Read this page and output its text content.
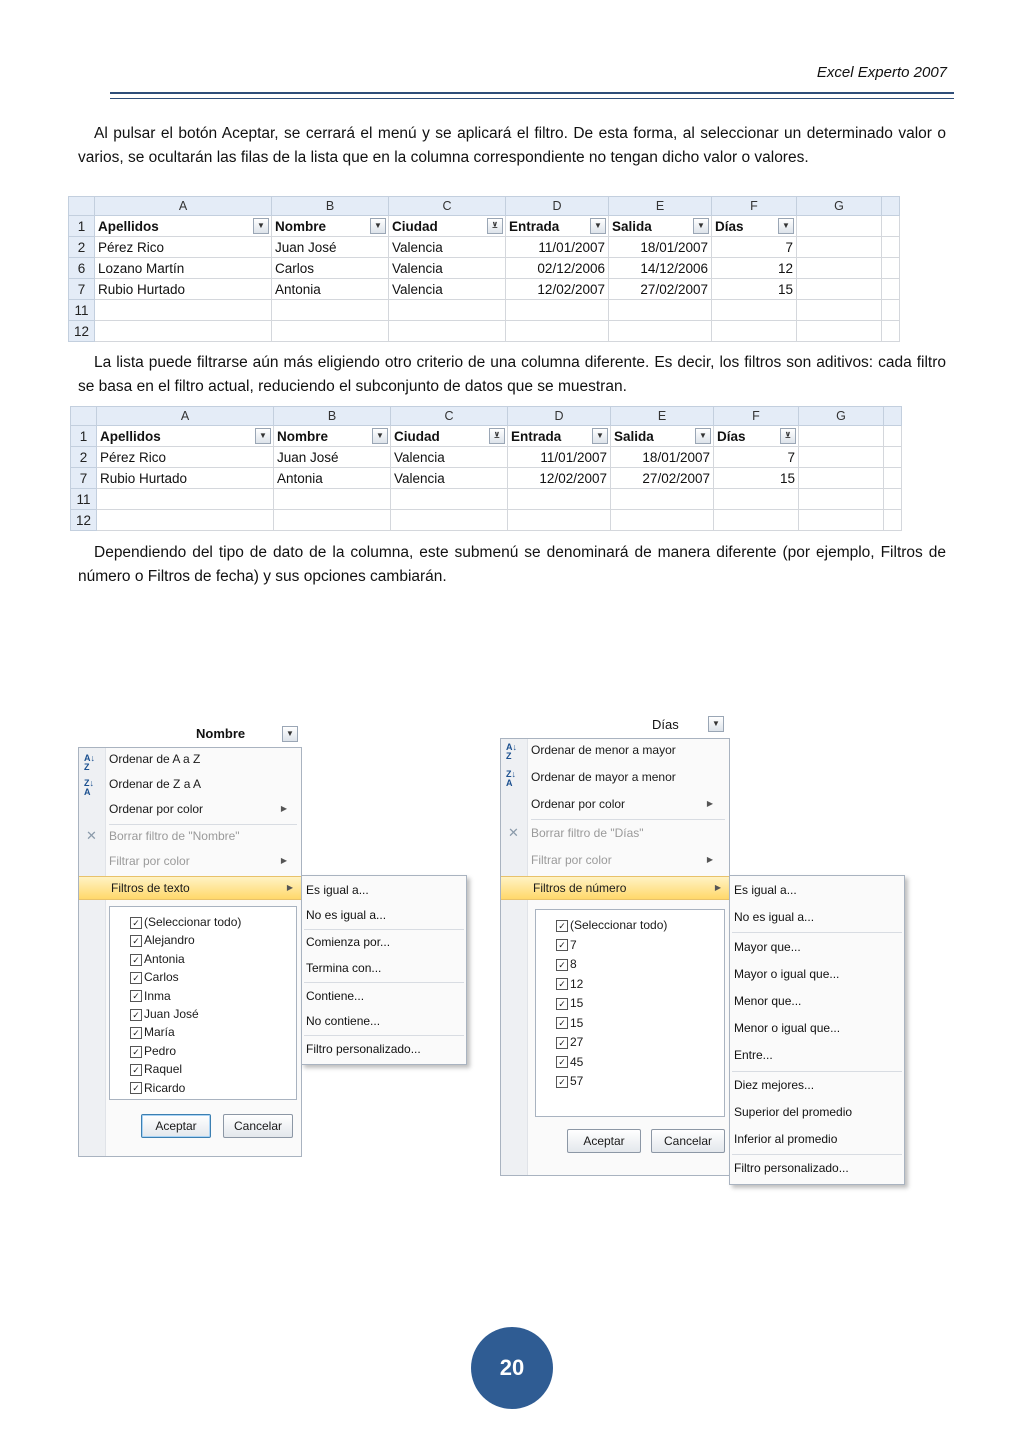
Excel Experto 2007
Al pulsar el botón Aceptar, se cerrará el menú y se aplicará el filtro. De esta forma, al seleccionar un determinado valor o varios, se ocultarán las filas de la lista que en la columna correspondiente no tengan dicho valor o valores.
	A	B	C	D	E	F	G	
1	Apellidos ▼	Nombre ▼	Ciudad ⊻	Entrada ▼	Salida ▼	Días ▼		

2	Pérez Rico	Juan José	Valencia	11/01/2007	18/01/2007	7		
6	Lozano Martín	Carlos	Valencia	02/12/2006	14/12/2006	12		
7	Rubio Hurtado	Antonia	Valencia	12/02/2007	27/02/2007	15		
11								
12								
La lista puede filtrarse aún más eligiendo otro criterio de una columna diferente. Es decir, los filtros son aditivos: cada filtro se basa en el filtro actual, reduciendo el subconjunto de datos que se muestran.
	A	B	C	D	E	F	G	
1	Apellidos ▼	Nombre ▼	Ciudad ⊻	Entrada ▼	Salida ▼	Días ⊻		

2	Pérez Rico	Juan José	Valencia	11/01/2007	18/01/2007	7		
7	Rubio Hurtado	Antonia	Valencia	12/02/2007	27/02/2007	15		
11								
12								
Dependiendo del tipo de dato de la columna, este submenú se denominará de manera diferente (por ejemplo, Filtros de número o Filtros de fecha) y sus opciones cambiarán.
Nombre	▼
A↓
Z
Ordenar de A a Z
Z↓
A
Ordenar de Z a A
Ordenar por color	▶
✕ Borrar filtro de "Nombre"
Filtrar por color	▶
Filtros de texto	▶
✓ (Seleccionar todo)
✓ Alejandro
✓ Antonia
✓ Carlos
✓ Inma
✓ Juan José
✓ María
✓ Pedro
✓ Raquel
✓ Ricardo
Aceptar	Cancelar
Es igual a...
No es igual a...
Comienza por...
Termina con...
Contiene...
No contiene...
Filtro personalizado...
Días	▼
A↓
Z	Ordenar de menor a mayor
Z↓
A Ordenar de mayor a menor
Ordenar por color	▶
✕ Borrar filtro de "Días"
Filtrar por color	▶
Filtros de número	▶
✓ (Seleccionar todo)
✓ 7
✓ 8
✓ 12
✓ 15
✓ 15
✓ 27
✓ 45
✓ 57
Aceptar	Cancelar
Es igual a...
No es igual a...
Mayor que...
Mayor o igual que...
Menor que...
Menor o igual que...
Entre...
Diez mejores...
Superior del promedio
Inferior al promedio
Filtro personalizado...
20
